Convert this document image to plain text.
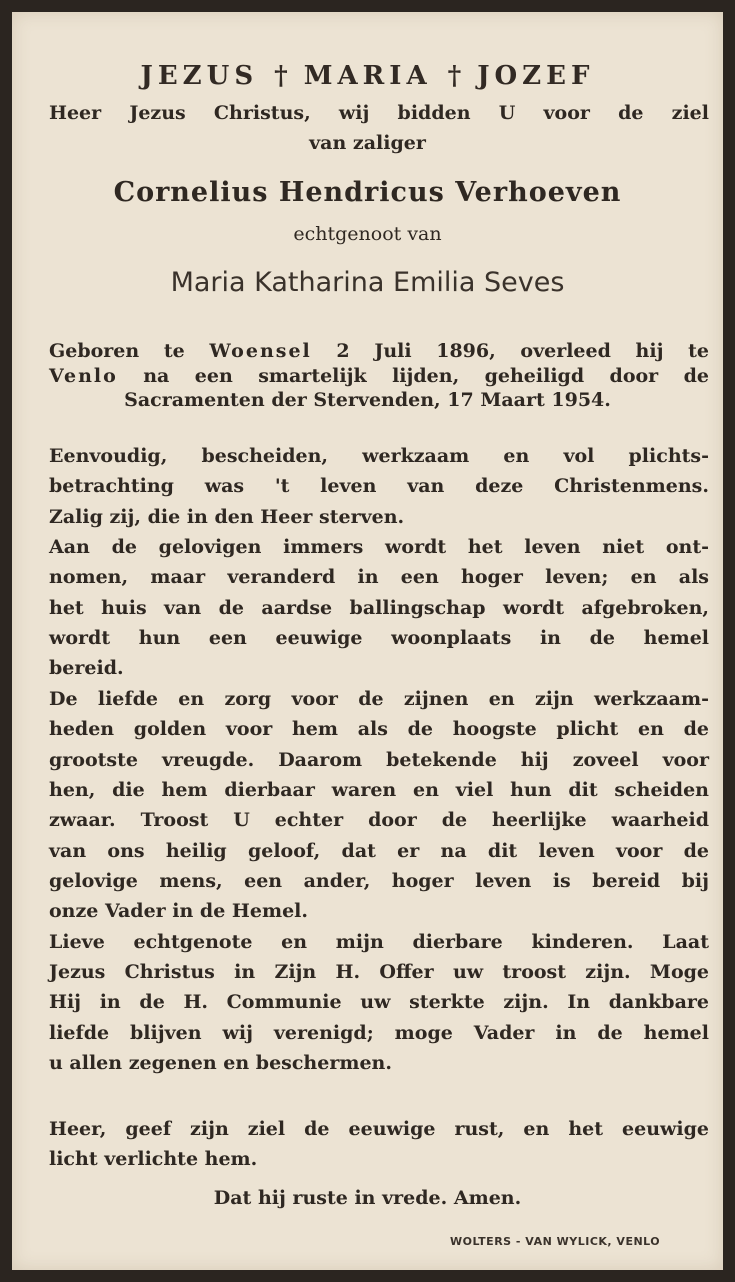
JEZUS † MARIA † JOZEF
Heer Jezus Christus, wij bidden U voor de ziel
van zaliger
Cornelius Hendricus Verhoeven
echtgenoot van
Maria Katharina Emilia Seves
Geboren te Woensel 2 Juli 1896, overleed hij te
Venlo na een smartelijk lijden, geheiligd door de
Sacramenten der Stervenden, 17 Maart 1954.
Eenvoudig, bescheiden, werkzaam en vol plichts-
betrachting was 't leven van deze Christenmens.
Zalig zij, die in den Heer sterven.
Aan de gelovigen immers wordt het leven niet ont-
nomen, maar veranderd in een hoger leven; en als
het huis van de aardse ballingschap wordt afgebroken,
wordt hun een eeuwige woonplaats in de hemel
bereid.
De liefde en zorg voor de zijnen en zijn werkzaam-
heden golden voor hem als de hoogste plicht en de
grootste vreugde. Daarom betekende hij zoveel voor
hen, die hem dierbaar waren en viel hun dit scheiden
zwaar. Troost U echter door de heerlijke waarheid
van ons heilig geloof, dat er na dit leven voor de
gelovige mens, een ander, hoger leven is bereid bij
onze Vader in de Hemel.
Lieve echtgenote en mijn dierbare kinderen. Laat
Jezus Christus in Zijn H. Offer uw troost zijn. Moge
Hij in de H. Communie uw sterkte zijn. In dankbare
liefde blijven wij verenigd; moge Vader in de hemel
u allen zegenen en beschermen.
Heer, geef zijn ziel de eeuwige rust, en het eeuwige
licht verlichte hem.
Dat hij ruste in vrede. Amen.
WOLTERS - VAN WYLICK, VENLO
